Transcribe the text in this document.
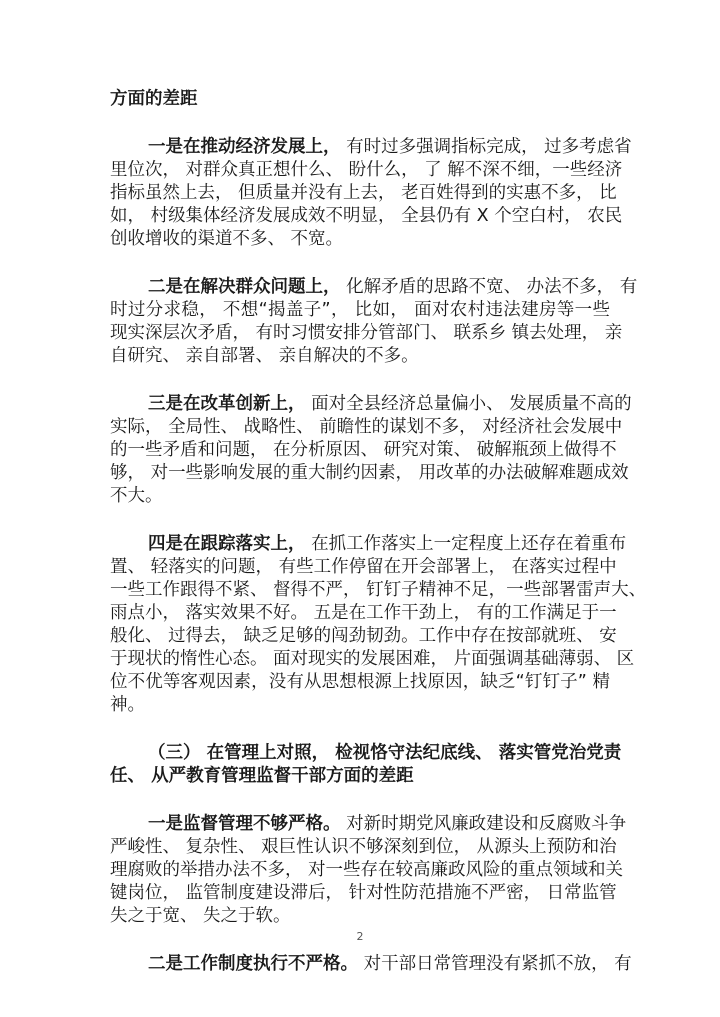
方面的差距
一是在推动经济发展上， 有时过多强调指标完成， 过多考虑省
里位次， 对群众真正想什么、 盼什么， 了 解不深不细，一些经济
指标虽然上去， 但质量并没有上去， 老百姓得到的实惠不多， 比
如， 村级集体经济发展成效不明显， 全县仍有 X 个空白村， 农民
创收增收的渠道不多、 不宽。
二是在解决群众问题上， 化解矛盾的思路不宽、 办法不多， 有
时过分求稳， 不想“揭盖子”， 比如， 面对农村违法建房等一些
现实深层次矛盾， 有时习惯安排分管部门、 联系乡 镇去处理， 亲
自研究、 亲自部署、 亲自解决的不多。
三是在改革创新上， 面对全县经济总量偏小、 发展质量不高的
实际， 全局性、 战略性、 前瞻性的谋划不多， 对经济社会发展中
的一些矛盾和问题， 在分析原因、 研究对策、 破解瓶颈上做得不
够， 对一些影响发展的重大制约因素， 用改革的办法破解难题成效
不大。
四是在跟踪落实上， 在抓工作落实上一定程度上还存在着重布
置、 轻落实的问题， 有些工作停留在开会部署上， 在落实过程中
一些工作跟得不紧、 督得不严， 钉钉子精神不足，一些部署雷声大、
雨点小， 落实效果不好。 五是在工作干劲上， 有的工作满足于一
般化、 过得去， 缺乏足够的闯劲韧劲。工作中存在按部就班、 安
于现状的惰性心态。 面对现实的发展困难， 片面强调基础薄弱、 区
位不优等客观因素，没有从思想根源上找原因，缺乏“钉钉子” 精
神。
（三） 在管理上对照， 检视恪守法纪底线、 落实管党治党责
任、 从严教育管理监督干部方面的差距
一是监督管理不够严格。 对新时期党风廉政建设和反腐败斗争
严峻性、 复杂性、 艰巨性认识不够深刻到位， 从源头上预防和治
理腐败的举措办法不多， 对一些存在较高廉政风险的重点领域和关
键岗位， 监管制度建设滞后， 针对性防范措施不严密， 日常监管
失之于宽、 失之于软。
二是工作制度执行不严格。 对干部日常管理没有紧抓不放， 有
2
